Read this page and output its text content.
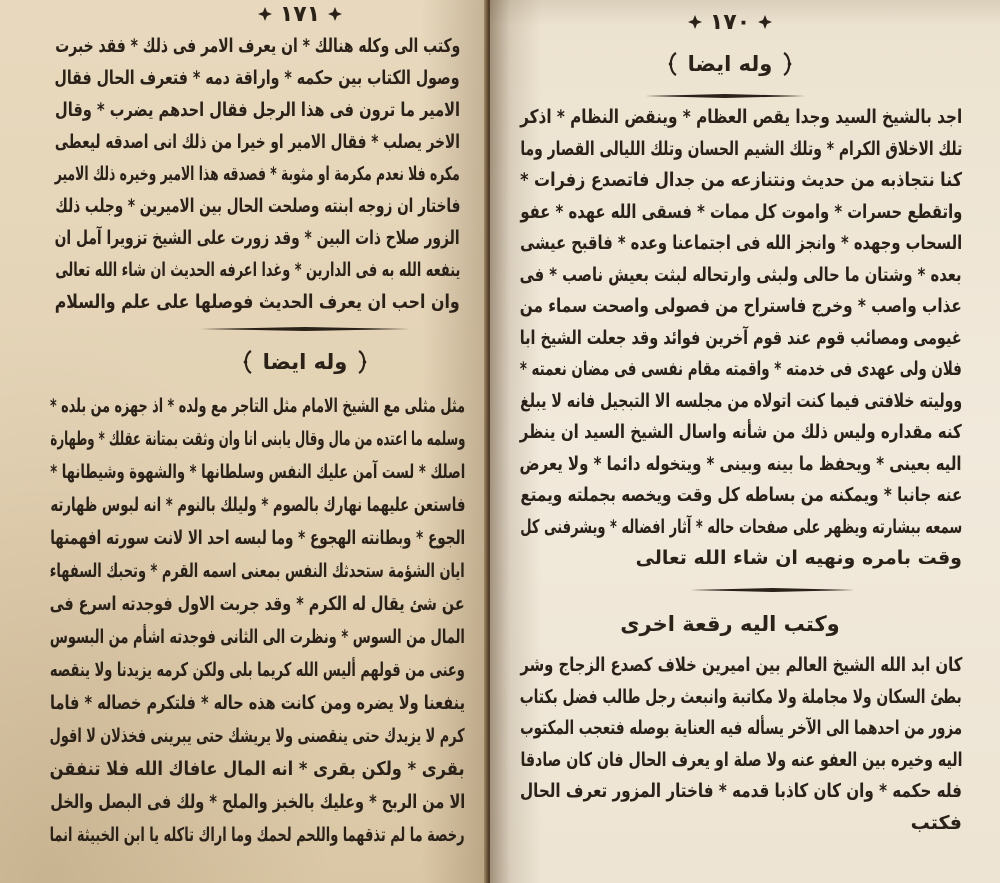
١٧١
وكتب الى وكله هنالك * ان يعرف الامر فى ذلك * فقد خبرت
وصول الكتاب بين حكمه * واراقة دمه * فتعرف الحال فقال
الامير ما ترون فى هذا الرجل فقال احدهم يضرب * وقال
الاخر يصلب * فقال الامير او خيرا من ذلك انى اصدقه ليعطى
مكره فلا نعدم مكرمة او مثوبة * فصدقه هذا الامير وخيره ذلك الامير
فاختار ان زوجه ابنته وصلحت الحال بين الاميرين * وجلب ذلك
الزور صلاح ذات البين * وقد زورت على الشيخ تزويرا آمل ان
ينفعه الله به فى الدارين * وغدا اعرفه الحديث ان شاء الله تعالى
وان احب ان يعرف الحديث فوصلها على علم والسلام
وله ايضا
مثل مثلى مع الشيخ الامام مثل التاجر مع ولده * اذ جهزه من بلده *
وسلمه ما اعتده من مال وقال يابنى انا وان وثقت بمتانة عقلك * وطهارة
اصلك * لست آمن عليك النفس وسلطانها * والشهوة وشيطانها *
فاستعن عليهما نهارك بالصوم * وليلك بالنوم * انه لبوس ظهارته
الجوع * وبطانته الهجوع * وما لبسه احد الا لانت سورته افهمتها
ايان الشؤمة ستحدثك النفس بمعنى اسمه القرم * وتحبك السفهاء
عن شئ يقال له الكرم * وقد جربت الاول فوجدته اسرع فى
المال من السوس * ونظرت الى الثانى فوجدته اشأم من البسوس
وعنى من قولهم أليس الله كريما بلى ولكن كرمه يزيدنا ولا ينقصه
ينفعنا ولا يضره ومن كانت هذه حاله * فلتكرم خصاله * فاما
كرم لا يزيدك حتى ينقصنى ولا يريشك حتى يبرينى فخذلان لا اقول
بقرى * ولكن بقرى * انه المال عافاك الله فلا تنفقن
الا من الربح * وعليك بالخبز والملح * ولك فى البصل والخل
رخصة ما لم تذقهما واللحم لحمك وما اراك تاكله يا ابن الخبيثة انما
١٧٠
وله ايضا
اجد بالشيخ السيد وجدا يقص العظام * وينقض النظام * اذكر
تلك الاخلاق الكرام * وتلك الشيم الحسان وتلك الليالى القصار وما
كنا نتجاذبه من حديث ونتنازعه من جدال فاتصدع زفرات *
واتقطع حسرات * واموت كل ممات * فسقى الله عهده * عفو
السحاب وجهده * وانجز الله فى اجتماعنا وعده * فاقبح عيشى
بعده * وشتان ما حالى ولبثى وارتحاله لبثت بعيش ناصب * فى
عذاب واصب * وخرج فاستراح من فصولى واصحت سماء من
غيومى ومصائب قوم عند قوم آخرين فوائد وقد جعلت الشيخ ابا
فلان ولى عهدى فى خدمته * واقمته مقام نفسى فى مضان نعمته *
ووليته خلافتى فيما كنت اتولاه من مجلسه الا التبجيل فانه لا يبلغ
كنه مقداره وليس ذلك من شأنه واسال الشيخ السيد ان ينظر
اليه بعينى * ويحفظ ما بينه وبينى * ويتخوله دائما * ولا يعرض
عنه جانبا * ويمكنه من بساطه كل وقت ويخصه بجملته ويمتع
سمعه ببشارته ويظهر على صفحات حاله * آثار افضاله * ويشرفنى كل
وقت بامره ونهيه ان شاء الله تعالى
وكتب اليه رقعة اخرى
كان ابد الله الشيخ العالم بين اميرين خلاف كصدع الزجاج وشر
بطئ السكان ولا مجاملة ولا مكاتبة وانبعث رجل طالب فضل بكتاب
مزور من احدهما الى الآخر يسأله فيه العناية بوصله فتعجب المكتوب
اليه وخيره بين العفو عنه ولا صلة او يعرف الحال فان كان صادقا
فله حكمه * وان كان كاذبا قدمه * فاختار المزور تعرف الحال
فكتب
